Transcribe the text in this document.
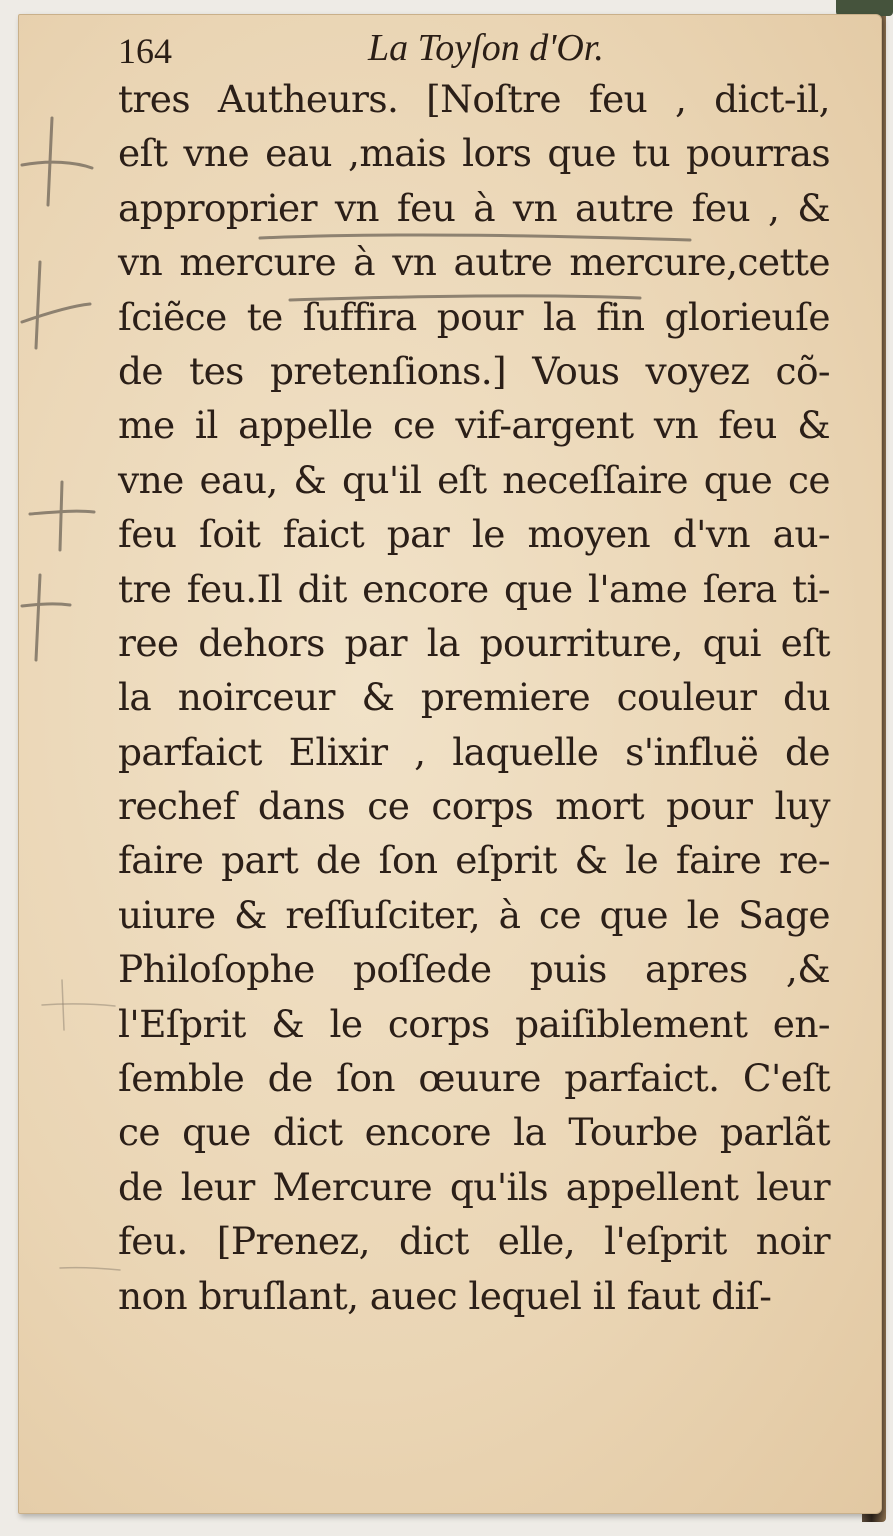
164	La Toyſon d'Or.
tres Autheurs. [Noſtre feu , dict-il,
eſt vne eau ,mais lors que tu pourras
approprier vn feu à vn autre feu , &
vn mercure à vn autre mercure,cette
ſciẽce te ſuffira pour la fin glorieuſe
de tes pretenſions.] Vous voyez cõ-
me il appelle ce vif-argent vn feu &
vne eau, & qu'il eſt neceſſaire que ce
feu ſoit faict par le moyen d'vn au-
tre feu.Il dit encore que l'ame ſera ti-
ree dehors par la pourriture, qui eſt
la noirceur & premiere couleur du
parfaict Elixir , laquelle s'influë de
rechef dans ce corps mort pour luy
faire part de ſon eſprit & le faire re-
uiure & reſſuſciter, à ce que le Sage
Philoſophe poſſede puis apres ,&
l'Eſprit & le corps paiſiblement en-
ſemble de ſon œuure parfaict. C'eſt
ce que dict encore la Tourbe parlãt
de leur Mercure qu'ils appellent leur
feu. [Prenez, dict elle, l'eſprit noir
non bruſlant, auec lequel il faut diſ-
